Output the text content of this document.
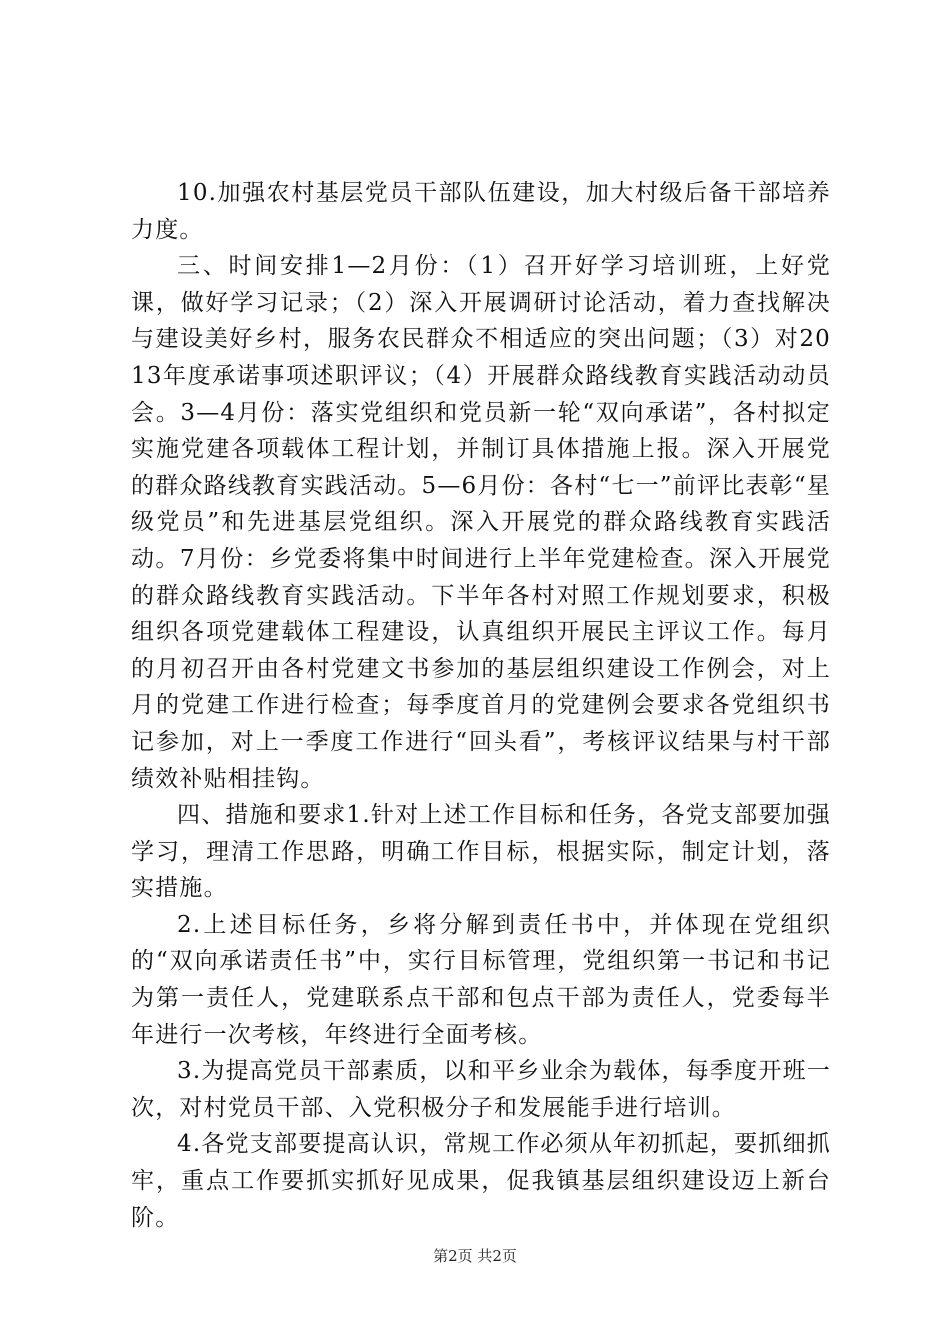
10.加强农村基层党员干部队伍建设，加大村级后备干部培养力度。

三、时间安排1—2月份：（1）召开好学习培训班，上好党课，做好学习记录；（2）深入开展调研讨论活动，着力查找解决与建设美好乡村，服务农民群众不相适应的突出问题；（3）对2013年度承诺事项述职评议；（4）开展群众路线教育实践活动动员会。3—4月份：落实党组织和党员新一轮“双向承诺”，各村拟定实施党建各项载体工程计划，并制订具体措施上报。深入开展党的群众路线教育实践活动。5—6月份：各村“七一”前评比表彰“星级党员”和先进基层党组织。深入开展党的群众路线教育实践活动。7月份：乡党委将集中时间进行上半年党建检查。深入开展党的群众路线教育实践活动。下半年各村对照工作规划要求，积极组织各项党建载体工程建设，认真组织开展民主评议工作。每月的月初召开由各村党建文书参加的基层组织建设工作例会，对上月的党建工作进行检查；每季度首月的党建例会要求各党组织书记参加，对上一季度工作进行“回头看”，考核评议结果与村干部绩效补贴相挂钩。

四、措施和要求1.针对上述工作目标和任务，各党支部要加强学习，理清工作思路，明确工作目标，根据实际，制定计划，落实措施。

2.上述目标任务，乡将分解到责任书中，并体现在党组织的“双向承诺责任书”中，实行目标管理，党组织第一书记和书记为第一责任人，党建联系点干部和包点干部为责任人，党委每半年进行一次考核，年终进行全面考核。

3.为提高党员干部素质，以和平乡业余为载体，每季度开班一次，对村党员干部、入党积极分子和发展能手进行培训。

4.各党支部要提高认识，常规工作必须从年初抓起，要抓细抓牢，重点工作要抓实抓好见成果，促我镇基层组织建设迈上新台阶。

第2页 共2页
